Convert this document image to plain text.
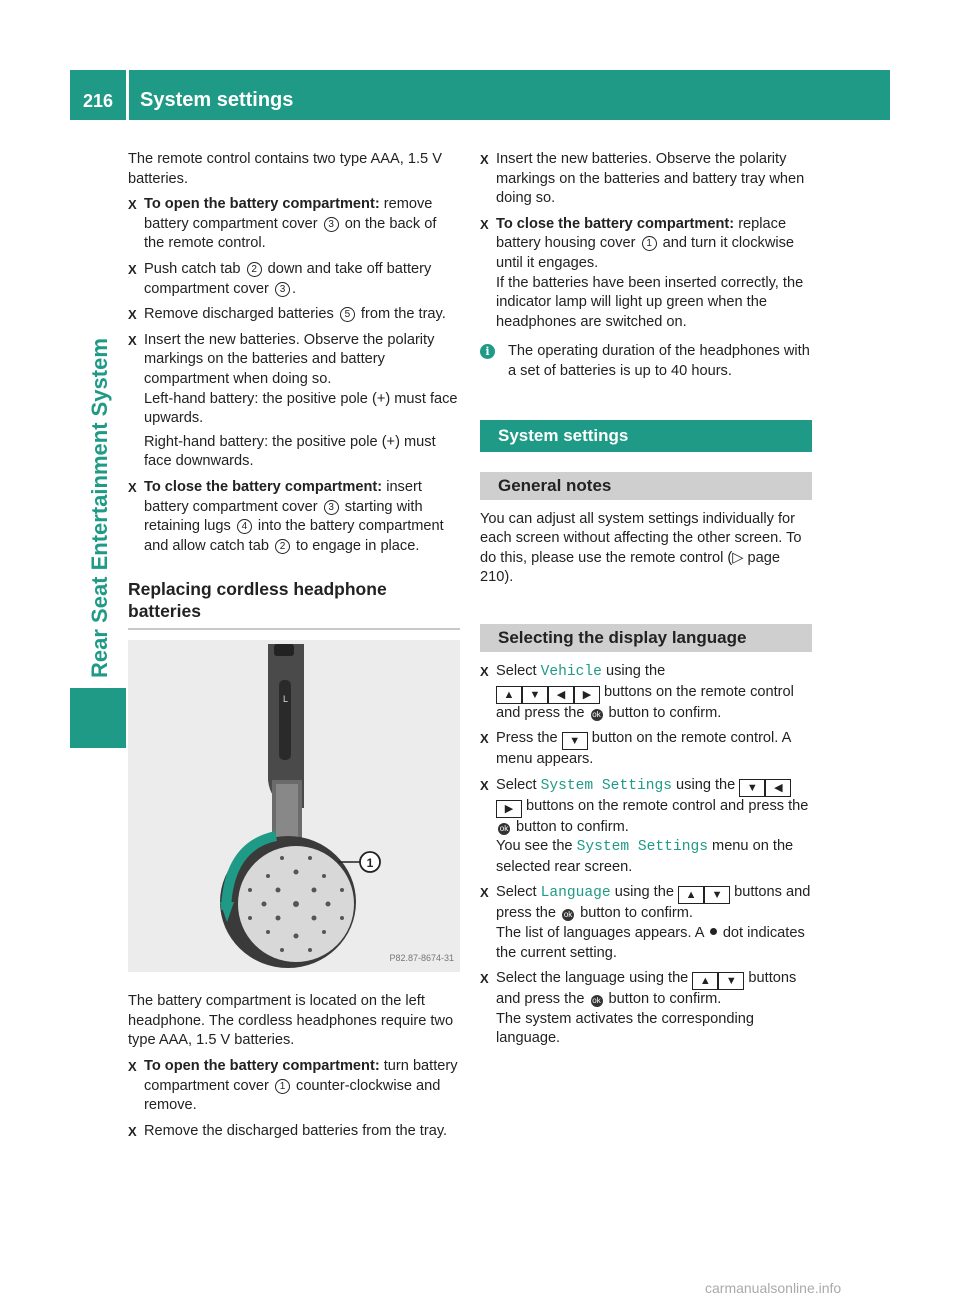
216	System settings
Rear Seat Entertainment System

The remote control contains two type AAA, 1.5 V batteries.

X To open the battery compartment: remove battery compartment cover 3 on the back of the remote control.
X Push catch tab 2 down and take off battery compartment cover 3 .
X Remove discharged batteries 5 from the tray.
X Insert the new batteries. Observe the polarity markings on the batteries and battery compartment when doing so.

Left-hand battery: the positive pole (+) must face upwards.

Right-hand battery: the positive pole (+) must face downwards.

X To close the battery compartment: insert battery compartment cover 3 starting with retaining lugs 4 into the battery compartment and allow catch tab 2 to engage in place.
Replacing cordless headphone batteries
L
1
P82.87-8674-31

The battery compartment is located on the left headphone. The cordless headphones require two type AAA, 1.5 V batteries.

X To open the battery compartment: turn battery compartment cover 1 counter-clockwise and remove.
X Remove the discharged batteries from the tray.
X Insert the new batteries. Observe the polarity markings on the batteries and battery tray when doing so.
X To close the battery compartment: replace battery housing cover 1 and turn it clockwise until it engages.

If the batteries have been inserted correctly, the indicator lamp will light up green when the headphones are switched on.

i	The operating duration of the headphones with a set of batteries is up to 40 hours.
System settings
General notes

You can adjust all system settings individually for each screen without affecting the other screen. To do this, please use the remote control (▷ page 210).

Selecting the display language
X Select Vehicle using the
▲ ▼ ◀ ▶ buttons on the remote control and press the ok button to confirm.
X Press the ▼ button on the remote control. A menu appears.
X Select System Settings using the ▼ ◀▶ buttons on the remote control and press the ok button to confirm.
You see the System Settings menu on the selected rear screen.
X Select Language using the ▲ ▼ buttons and press the ok button to confirm.
The list of languages appears. A  dot indicates the current setting.
X Select the language using the ▲ ▼ buttons and press the ok button to confirm.
The system activates the corresponding language.
carmanualsonline.info
